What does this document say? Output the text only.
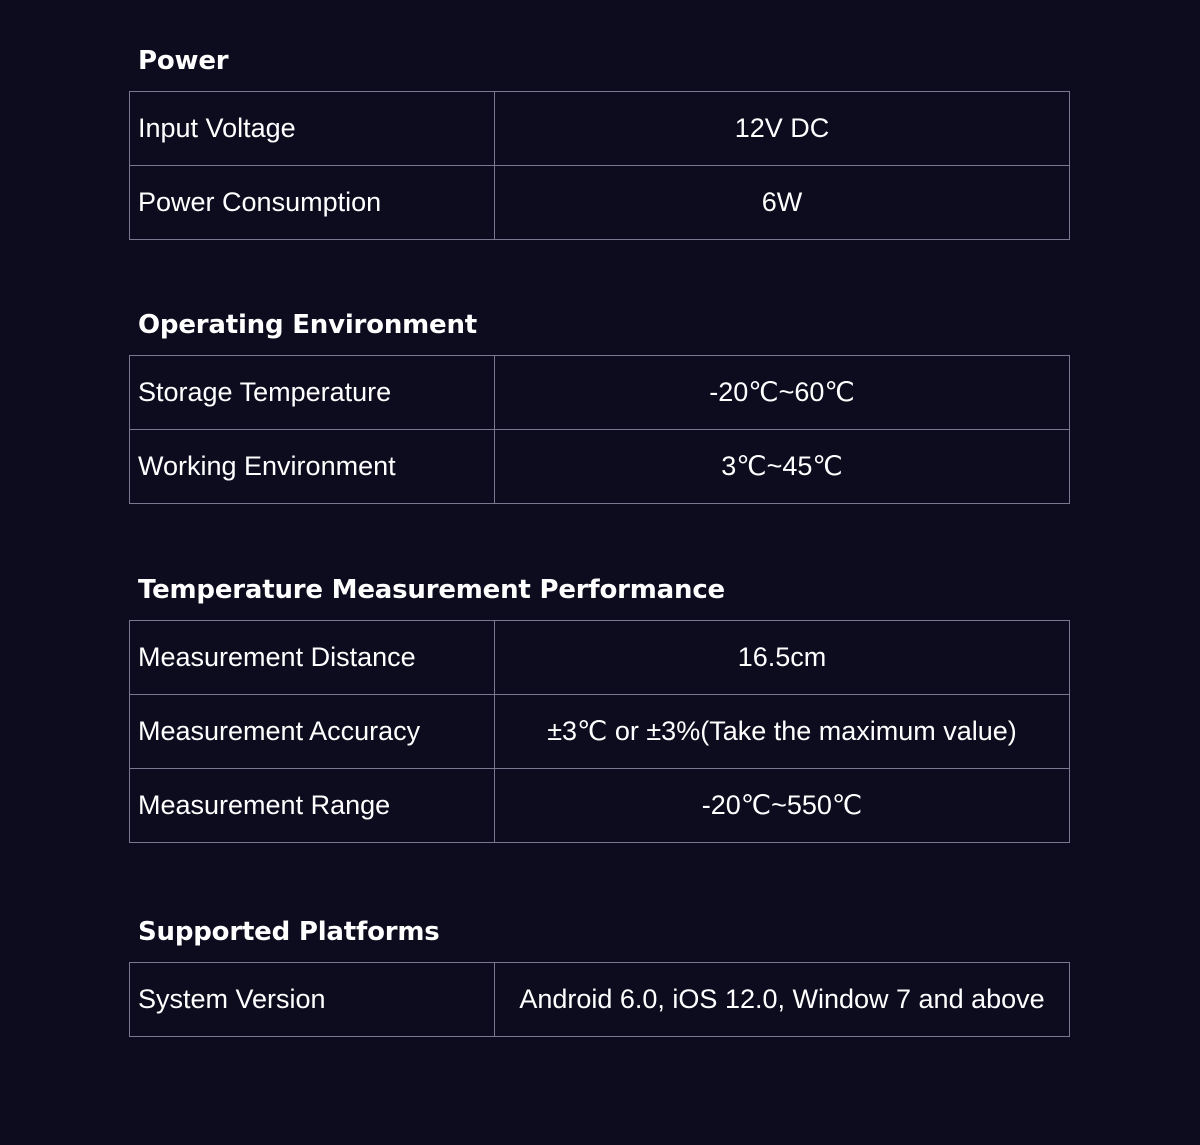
Power
Input Voltage	12V DC
Power Consumption	6W
Operating Environment
Storage Temperature	-20℃~60℃
Working Environment	3℃~45℃
Temperature Measurement Performance
Measurement Distance	16.5cm
Measurement Accuracy	±3℃ or ±3%(Take the maximum value)
Measurement Range	-20℃~550℃
Supported Platforms
System Version	Android 6.0, iOS 12.0, Window 7 and above
